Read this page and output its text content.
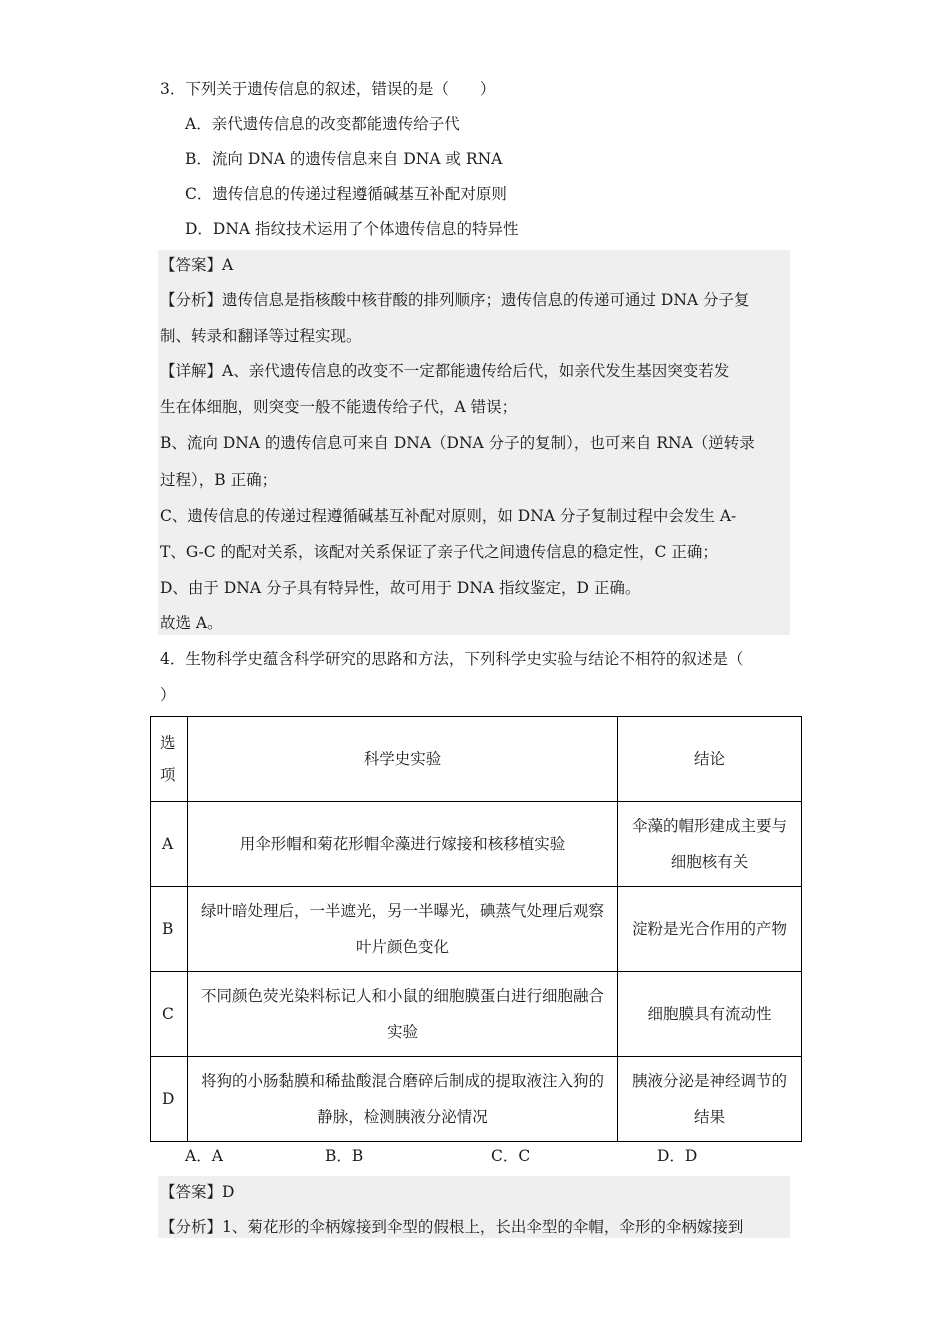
3．下列关于遗传信息的叙述，错误的是（　　）
A．亲代遗传信息的改变都能遗传给子代
B．流向 DNA 的遗传信息来自 DNA 或 RNA
C．遗传信息的传递过程遵循碱基互补配对原则
D．DNA 指纹技术运用了个体遗传信息的特异性
【答案】A
【分析】遗传信息是指核酸中核苷酸的排列顺序；遗传信息的传递可通过 DNA 分子复
制、转录和翻译等过程实现。
【详解】A、亲代遗传信息的改变不一定都能遗传给后代，如亲代发生基因突变若发
生在体细胞，则突变一般不能遗传给子代，A 错误；
B、流向 DNA 的遗传信息可来自 DNA（DNA 分子的复制），也可来自 RNA（逆转录
过程），B 正确；
C、遗传信息的传递过程遵循碱基互补配对原则，如 DNA 分子复制过程中会发生 A-
T、G-C 的配对关系，该配对关系保证了亲子代之间遗传信息的稳定性，C 正确；
D、由于 DNA 分子具有特异性，故可用于 DNA 指纹鉴定，D 正确。
故选 A。
4．生物科学史蕴含科学研究的思路和方法，下列科学史实验与结论不相符的叙述是（
）
选项	科学史实验	结论
A	用伞形帽和菊花形帽伞藻进行嫁接和核移植实验	伞藻的帽形建成主要与细胞核有关
B	绿叶暗处理后，一半遮光，另一半曝光，碘蒸气处理后观察叶片颜色变化	淀粉是光合作用的产物
C	不同颜色荧光染料标记人和小鼠的细胞膜蛋白进行细胞融合实验	细胞膜具有流动性
D	将狗的小肠黏膜和稀盐酸混合磨碎后制成的提取液注入狗的静脉，检测胰液分泌情况	胰液分泌是神经调节的结果
A．A	B．B	C．C	D．D
【答案】D
【分析】1、菊花形的伞柄嫁接到伞型的假根上，长出伞型的伞帽，伞形的伞柄嫁接到
